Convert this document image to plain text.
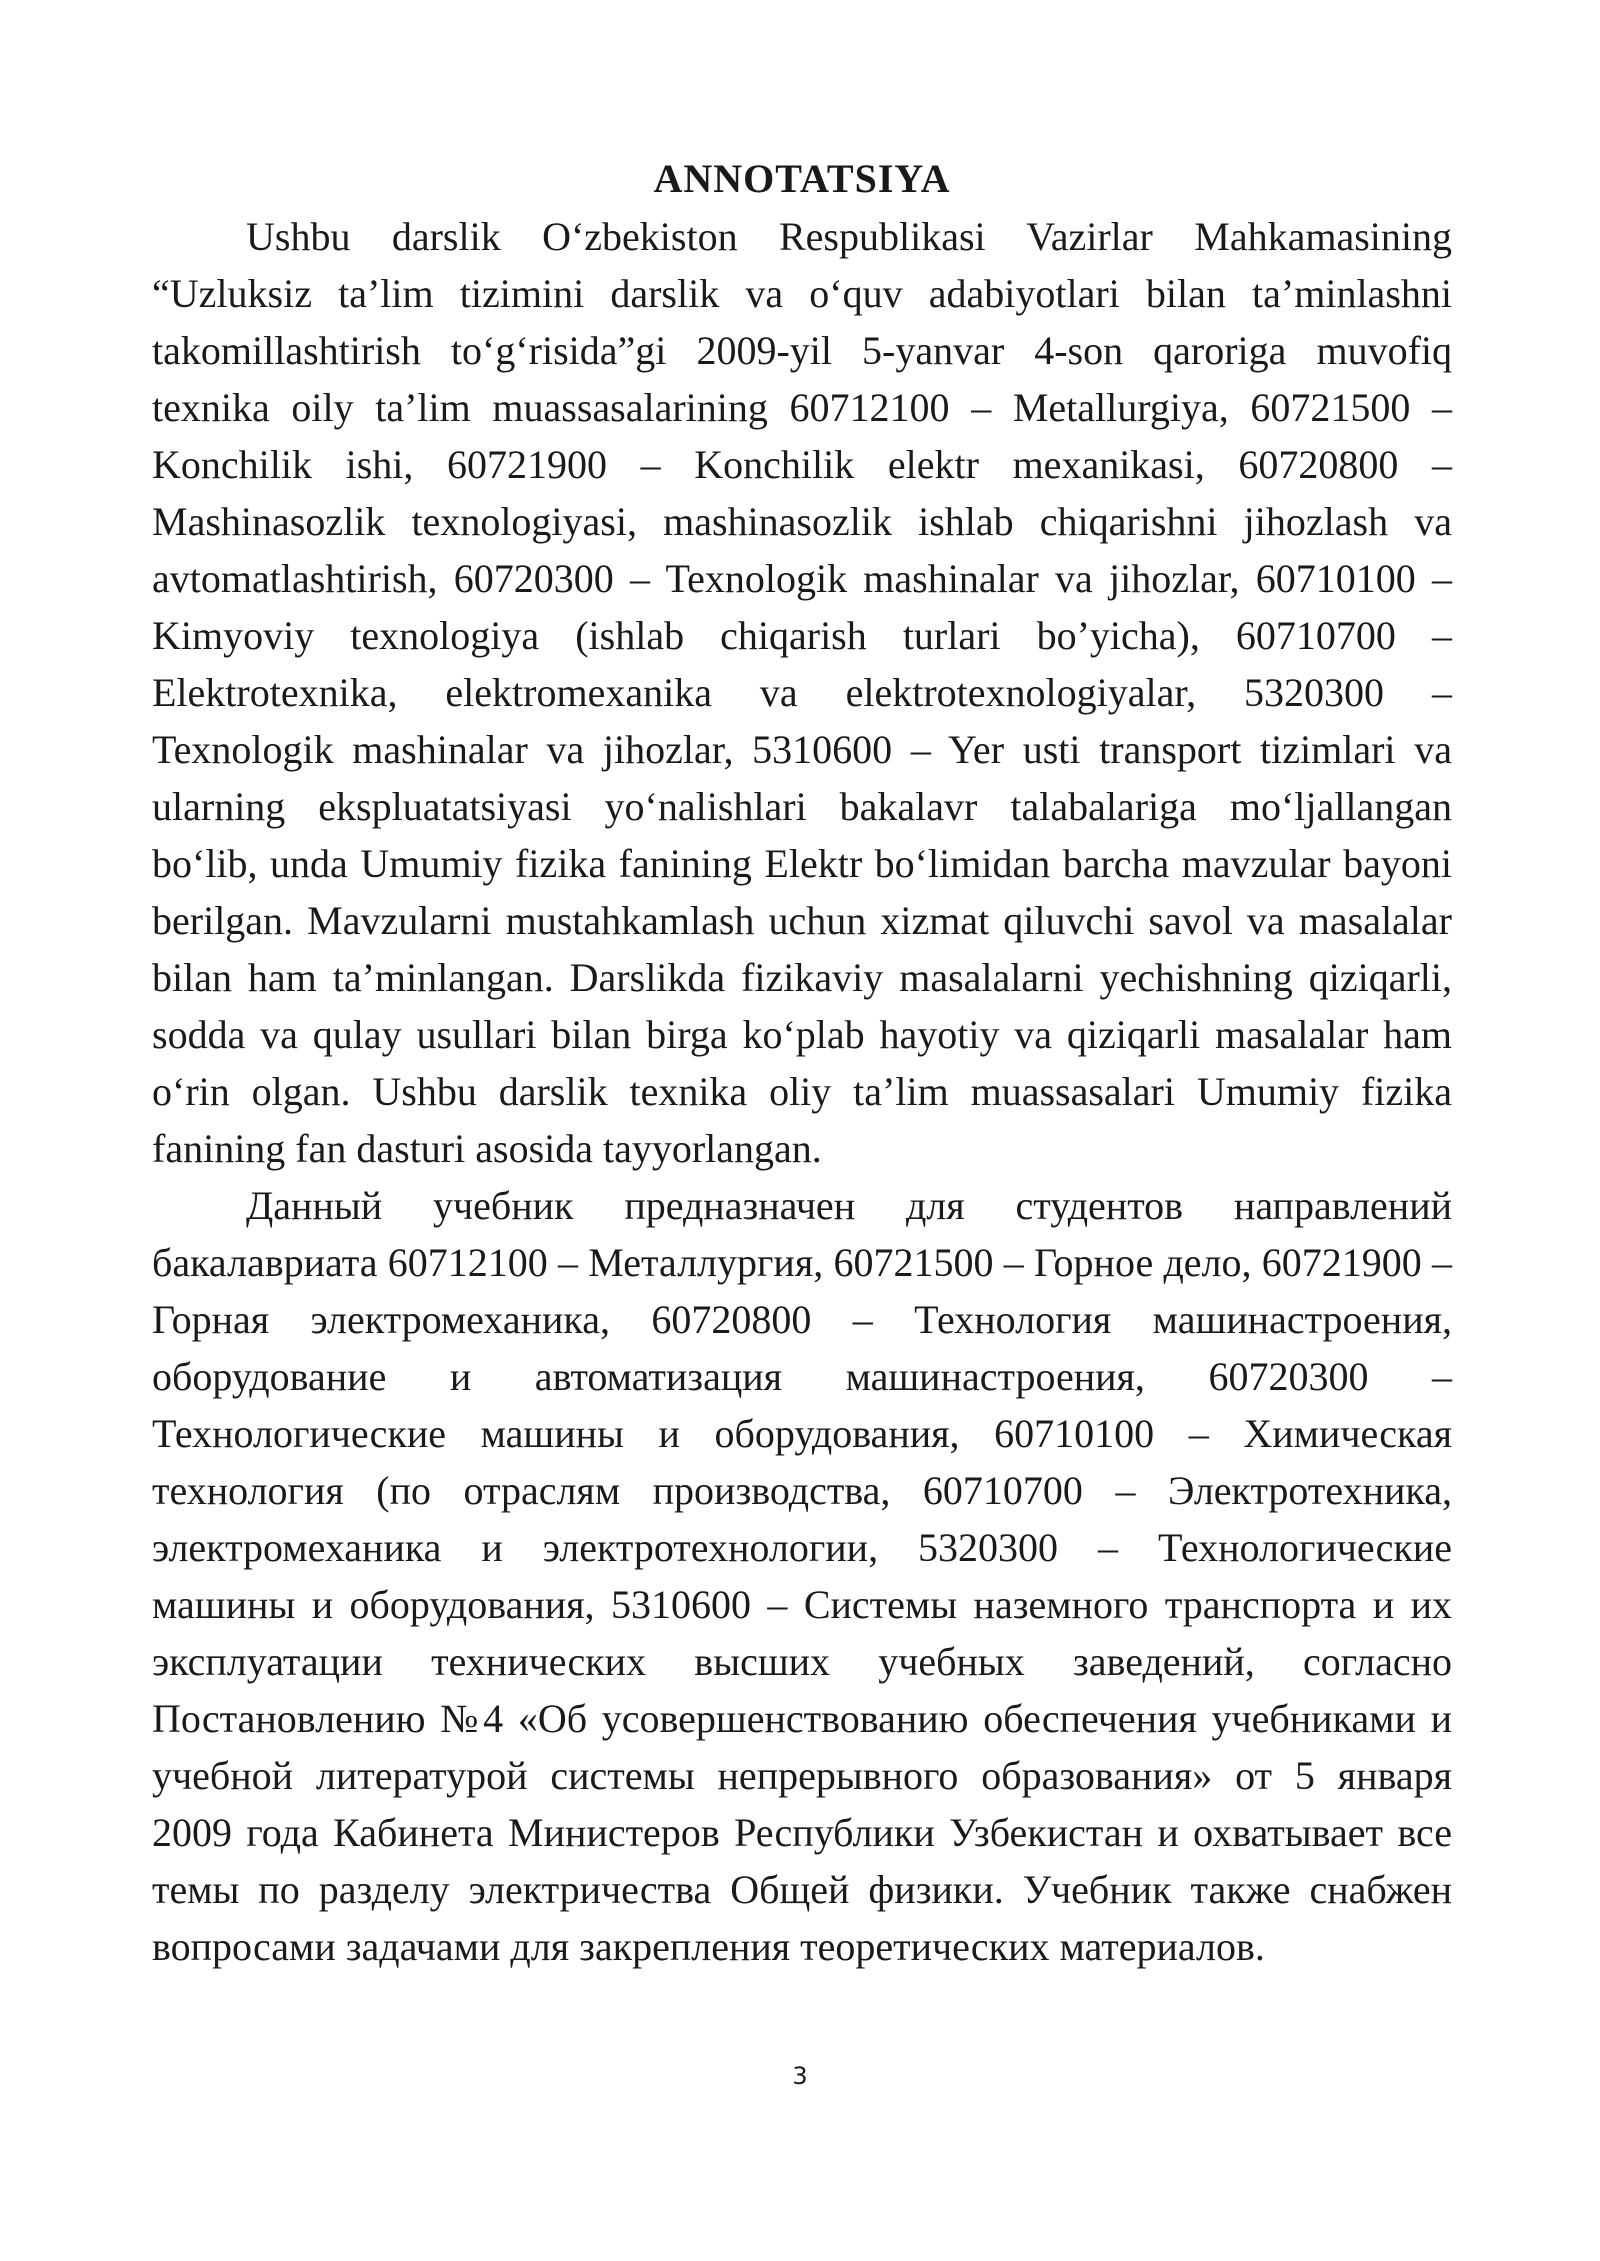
ANNOTATSIYA

Ushbu darslik O‘zbekiston Respublikasi Vazirlar Mahkamasining “Uzluksiz ta’lim tizimini darslik va o‘quv adabiyotlari bilan ta’minlashni takomillashtirish to‘g‘risida”gi 2009-yil 5-yanvar 4-son qaroriga muvofiq texnika oily ta’lim muassasalarining 60712100 – Metallurgiya, 60721500 – Konchilik ishi, 60721900 – Konchilik elektr mexanikasi, 60720800 – Mashinasozlik texnologiyasi, mashinasozlik ishlab chiqarishni jihozlash va avtomatlashtirish, 60720300 – Texnologik mashinalar va jihozlar, 60710100 – Kimyoviy texnologiya (ishlab chiqarish turlari bo’yicha), 60710700 – Elektrotexnika, elektromexanika va elektrotexnologiyalar, 5320300 – Texnologik mashinalar va jihozlar, 5310600 – Yer usti transport tizimlari va ularning ekspluatatsiyasi yo‘nalishlari bakalavr talabalariga mo‘ljallangan bo‘lib, unda Umumiy fizika fanining Elektr bo‘limidan barcha mavzular bayoni berilgan. Mavzularni mustahkamlash uchun xizmat qiluvchi savol va masalalar bilan ham ta’minlangan. Darslikda fizikaviy masalalarni yechishning qiziqarli, sodda va qulay usullari bilan birga ko‘plab hayotiy va qiziqarli masalalar ham o‘rin olgan. Ushbu darslik texnika oliy ta’lim muassasalari Umumiy fizika fanining fan dasturi asosida tayyorlangan.

Данный учебник предназначен для студентов направлений бакалавриата 60712100 – Металлургия, 60721500 – Горное дело, 60721900 – Горная электромеханика, 60720800 – Технология машинастроения, оборудование и автоматизация машинастроения, 60720300 – Технологические машины и оборудования, 60710100 – Химическая технология (по отраслям производства, 60710700 – Электротехника, электромеханика и электротехнологии, 5320300 – Технологические машины и оборудования, 5310600 – Системы наземного транспорта и их эксплуатации технических высших учебных заведений, согласно Постановлению №4 «Об усовершенствованию обеспечения учебниками и учебной литературой системы непрерывного образования» от 5 января 2009 года Кабинета Министеров Республики Узбекистан и охватывает все темы по разделу электричества Общей физики. Учебник также снабжен вопросами задачами для закрепления теоретических материалов.

3
